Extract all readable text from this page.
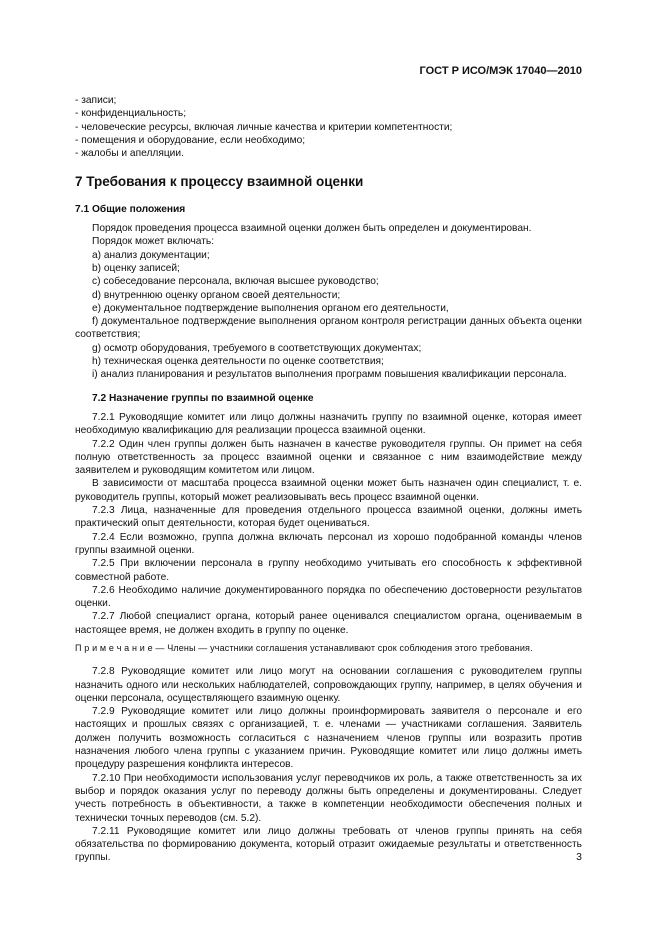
ГОСТ Р ИСО/МЭК 17040—2010
- записи;
- конфиденциальность;
- человеческие ресурсы, включая личные качества и критерии компетентности;
- помещения и оборудование, если необходимо;
- жалобы и апелляции.
7 Требования к процессу взаимной оценки
7.1 Общие положения
Порядок проведения процесса взаимной оценки должен быть определен и документирован.
Порядок может включать:
a) анализ документации;
b) оценку записей;
c) собеседование персонала, включая высшее руководство;
d) внутреннюю оценку органом своей деятельности;
e) документальное подтверждение выполнения органом его деятельности,
f) документальное подтверждение выполнения органом контроля регистрации данных объекта оценки соответствия;
g) осмотр оборудования, требуемого в соответствующих документах;
h) техническая оценка деятельности по оценке соответствия;
i) анализ планирования и результатов выполнения программ повышения квалификации персонала.
7.2 Назначение группы по взаимной оценке
7.2.1 Руководящие комитет или лицо должны назначить группу по взаимной оценке, которая имеет необходимую квалификацию для реализации процесса взаимной оценки.
7.2.2 Один член группы должен быть назначен в качестве руководителя группы. Он примет на себя полную ответственность за процесс взаимной оценки и связанное с ним взаимодействие между заявителем и руководящим комитетом или лицом.
В зависимости от масштаба процесса взаимной оценки может быть назначен один специалист, т. е. руководитель группы, который может реализовывать весь процесс взаимной оценки.
7.2.3 Лица, назначенные для проведения отдельного процесса взаимной оценки, должны иметь практический опыт деятельности, которая будет оцениваться.
7.2.4 Если возможно, группа должна включать персонал из хорошо подобранной команды членов группы взаимной оценки.
7.2.5 При включении персонала в группу необходимо учитывать его способность к эффективной совместной работе.
7.2.6 Необходимо наличие документированного порядка по обеспечению достоверности результатов оценки.
7.2.7 Любой специалист органа, который ранее оценивался специалистом органа, оцениваемым в настоящее время, не должен входить в группу по оценке.
П р и м е ч а н и е — Члены — участники соглашения устанавливают срок соблюдения этого требования.
7.2.8 Руководящие комитет или лицо могут на основании соглашения с руководителем группы назначить одного или нескольких наблюдателей, сопровождающих группу, например, в целях обучения и оценки персонала, осуществляющего взаимную оценку.
7.2.9 Руководящие комитет или лицо должны проинформировать заявителя о персонале и его настоящих и прошлых связях с организацией, т. е. членами — участниками соглашения. Заявитель должен получить возможность согласиться с назначением членов группы или возразить против назначения любого члена группы с указанием причин. Руководящие комитет или лицо должны иметь процедуру разрешения конфликта интересов.
7.2.10 При необходимости использования услуг переводчиков их роль, а также ответственность за их выбор и порядок оказания услуг по переводу должны быть определены и документированы. Следует учесть потребность в объективности, а также в компетенции необходимости обеспечения полных и технически точных переводов (см. 5.2).
7.2.11 Руководящие комитет или лицо должны требовать от членов группы принять на себя обязательства по формированию документа, который отразит ожидаемые результаты и ответственность группы.	3
